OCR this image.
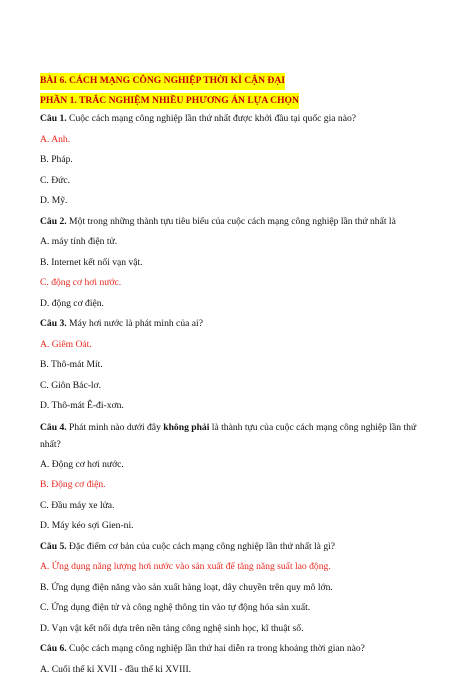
BÀI 6. CÁCH MẠNG CÔNG NGHIỆP THỜI KÌ CẬN ĐẠI
PHẦN 1. TRẮC NGHIỆM NHIỀU PHƯƠNG ÁN LỰA CHỌN
Câu 1. Cuộc cách mạng công nghiệp lần thứ nhất được khởi đầu tại quốc gia nào?
A. Anh.
B. Pháp.
C. Đức.
D. Mỹ.
Câu 2. Một trong những thành tựu tiêu biểu của cuộc cách mạng công nghiệp lần thứ nhất là
A. máy tính điện tử.
B. Internet kết nối vạn vật.
C. động cơ hơi nước.
D. động cơ điện.
Câu 3. Máy hơi nước là phát minh của ai?
A. Giêm Oát.
B. Thô-mát Mít.
C. Giôn Bác-lơ.
D. Thô-mát Ê-đi-xơn.
Câu 4. Phát minh nào dưới đây không phải là thành tựu của cuộc cách mạng công nghiệp lần thứ nhất?
A. Động cơ hơi nước.
B. Động cơ điện.
C. Đầu máy xe lửa.
D. Máy kéo sợi Gien-ni.
Câu 5. Đặc điểm cơ bản của cuộc cách mạng công nghiệp lần thứ nhất là gì?
A. Ứng dụng năng lượng hơi nước vào sản xuất để tăng năng suất lao động.
B. Ứng dụng điện năng vào sản xuất hàng loạt, dây chuyền trên quy mô lớn.
C. Ứng dụng điện tử và công nghệ thông tin vào tự động hóa sản xuất.
D. Vạn vật kết nối dựa trên nền tảng công nghệ sinh học, kĩ thuật số.
Câu 6. Cuộc cách mạng công nghiệp lần thứ hai diễn ra trong khoảng thời gian nào?
A. Cuối thế kỉ XVII - đầu thế kỉ XVIII.
